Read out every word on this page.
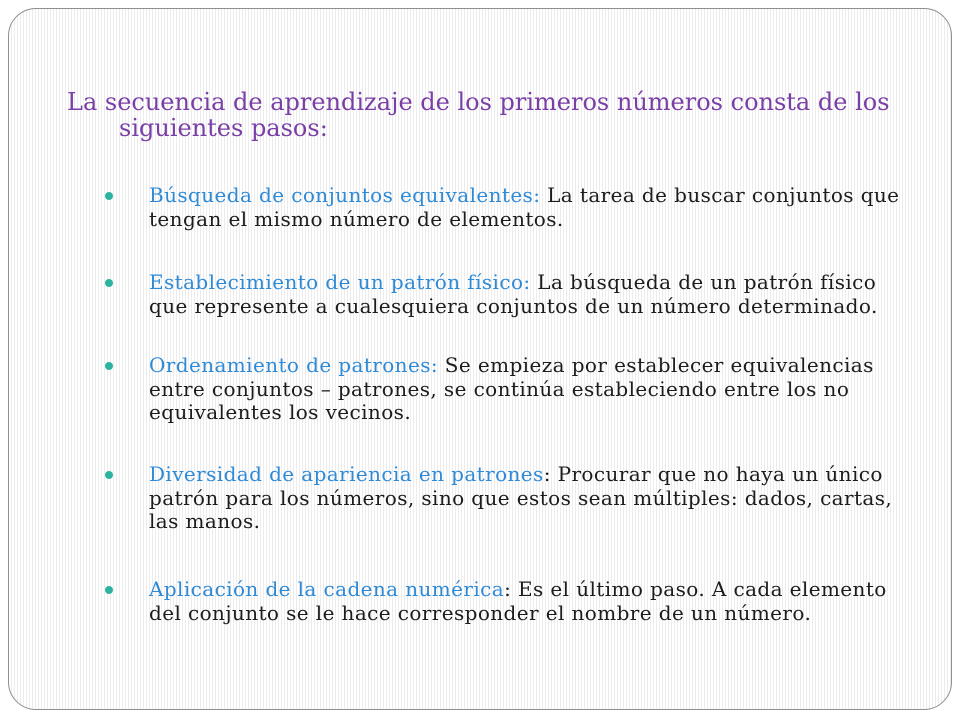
La secuencia de aprendizaje de los primeros números consta de los siguientes pasos:

Búsqueda de conjuntos equivalentes: La tarea de buscar conjuntos que tengan el mismo número de elementos.
Establecimiento de un patrón físico: La búsqueda de un patrón físico que represente a cualesquiera conjuntos de un número determinado.
Ordenamiento de patrones: Se empieza por establecer equivalencias entre conjuntos – patrones, se continúa estableciendo entre los no equivalentes los vecinos.
Diversidad de apariencia en patrones: Procurar que no haya un único patrón para los números, sino que estos sean múltiples: dados, cartas, las manos.
Aplicación de la cadena numérica: Es el último paso. A cada elemento del conjunto se le hace corresponder el nombre de un número.
